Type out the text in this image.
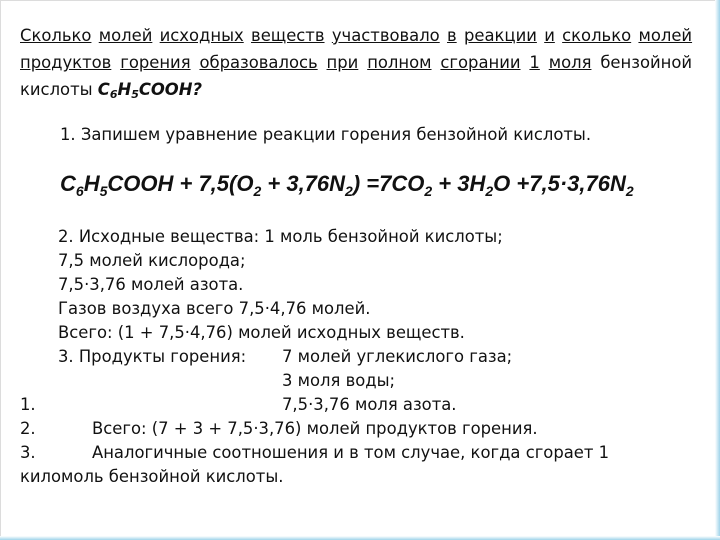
Сколько молей исходных веществ участвовало в реакции и сколько молей продуктов горения образовалось при полном сгорании 1 моля бензойной кислоты $C_6H_5COOH$?
1. Запишем уравнение реакции горения бензойной кислоты.
$C_6H_5COOH + 7,5(O_2 + 3,76N_2) =7CO_2 + 3H_2O +7,5\cdot 3,76N_2$
2. Исходные вещества: 1 моль бензойной кислоты;
7,5 молей кислорода;
7,5·3,76 молей азота.
Газов воздуха всего 7,5·4,76 молей.
Всего: (1 + 7,5·4,76) молей исходных веществ.
3. Продукты горения: 7 молей углекислого газа;
3 моля воды;
1.	7,5·3,76 моля азота.
2.	Всего: (7 + 3 + 7,5·3,76) молей продуктов горения.
3.	Аналогичные соотношения и в том случае, когда сгорает 1
киломоль бензойной кислоты.
